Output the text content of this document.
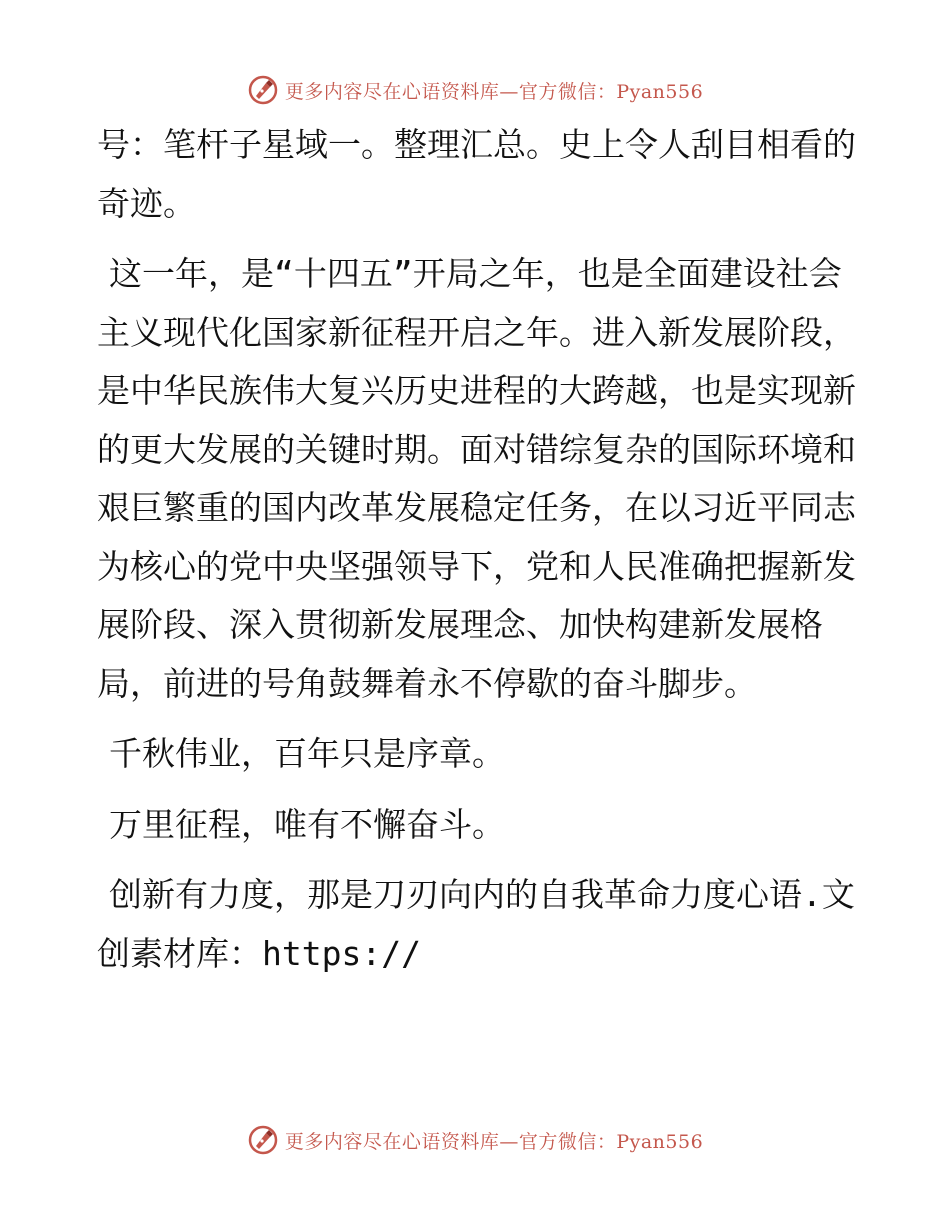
更多内容尽在心语资料库—官方微信：Pyan556

号：笔杆子星域一。整理汇总。史上令人刮目相看的奇迹。

这一年，是“十四五”开局之年，也是全面建设社会主义现代化国家新征程开启之年。进入新发展阶段，是中华民族伟大复兴历史进程的大跨越，也是实现新的更大发展的关键时期。面对错综复杂的国际环境和艰巨繁重的国内改革发展稳定任务，在以习近平同志为核心的党中央坚强领导下，党和人民准确把握新发展阶段、深入贯彻新发展理念、加快构建新发展格局，前进的号角鼓舞着永不停歇的奋斗脚步。

千秋伟业，百年只是序章。

万里征程，唯有不懈奋斗。

创新有力度，那是刀刃向内的自我革命力度心语.文创素材库：https://

更多内容尽在心语资料库—官方微信：Pyan556
